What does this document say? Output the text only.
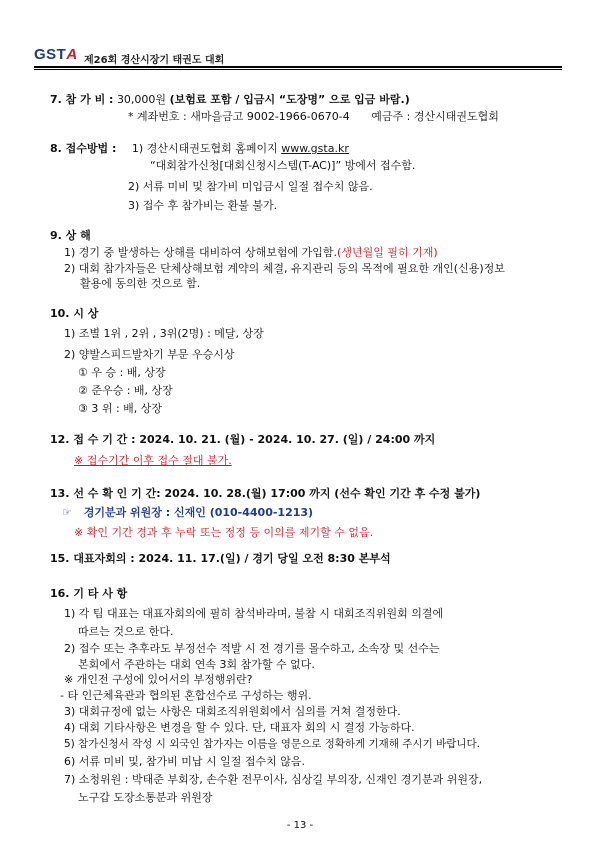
GSTA 제26회 경산시장기 태권도 대회
7. 참 가 비 : 30,000원 (보험료 포함 / 입금시 “도장명” 으로 입금 바람.)
* 계좌번호 : 새마을금고 9002-1966-0670-4 예금주 : 경산시태권도협회
8. 접수방법 : 1) 경산시태권도협회 홈페이지 www.gsta.kr
“대회참가신청[대회신청시스템(T-AC)]” 방에서 접수함.
2) 서류 미비 및 참가비 미입금시 일절 접수치 않음.
3) 접수 후 참가비는 환불 불가.
9. 상 해
1) 경기 중 발생하는 상해를 대비하여 상해보험에 가입함.(생년월일 필히 기재)
2) 대회 참가자들은 단체상해보험 계약의 체결, 유지관리 등의 목적에 필요한 개인(신용)정보
활용에 동의한 것으로 함.
10. 시 상
1) 조별 1위 , 2위 , 3위(2명) : 메달, 상장
2) 양발스피드발차기 부문 우승시상
① 우 승 : 배, 상장
② 준우승 : 배, 상장
③ 3 위 : 배, 상장
12. 접 수 기 간 : 2024. 10. 21. (월) - 2024. 10. 27. (일) / 24:00 까지
※ 접수기간 이후 접수 절대 불가.
13. 선 수 확 인 기 간: 2024. 10. 28.(월) 17:00 까지 (선수 확인 기간 후 수정 불가)
☞ 경기분과 위원장 : 신재인 (010-4400-1213)
※ 확인 기간 경과 후 누락 또는 정정 등 이의를 제기할 수 없음.
15. 대표자회의 : 2024. 11. 17.(일) / 경기 당일 오전 8:30 본부석
16. 기 타 사 항
1) 각 팀 대표는 대표자회의에 필히 참석바라며, 불참 시 대회조직위원회 의결에
따르는 것으로 한다.
2) 접수 또는 추후라도 부정선수 적발 시 전 경기를 몰수하고, 소속장 및 선수는
본회에서 주관하는 대회 연속 3회 참가할 수 없다.
※ 개인전 구성에 있어서의 부정행위란?
- 타 인근체육관과 협의된 혼합선수로 구성하는 행위.
3) 대회규정에 없는 사항은 대회조직위원회에서 심의를 거쳐 결정한다.
4) 대회 기타사항은 변경을 할 수 있다. 단, 대표자 회의 시 결정 가능하다.
5) 참가신청서 작성 시 외국인 참가자는 이름을 영문으로 정확하게 기재해 주시기 바랍니다.
6) 서류 미비 및, 참가비 미납 시 일절 접수치 않음.
7) 소청위원 : 박태준 부회장, 손수환 전무이사, 심상길 부의장, 신재인 경기분과 위원장,
노구갑 도장소통분과 위원장
- 13 -
